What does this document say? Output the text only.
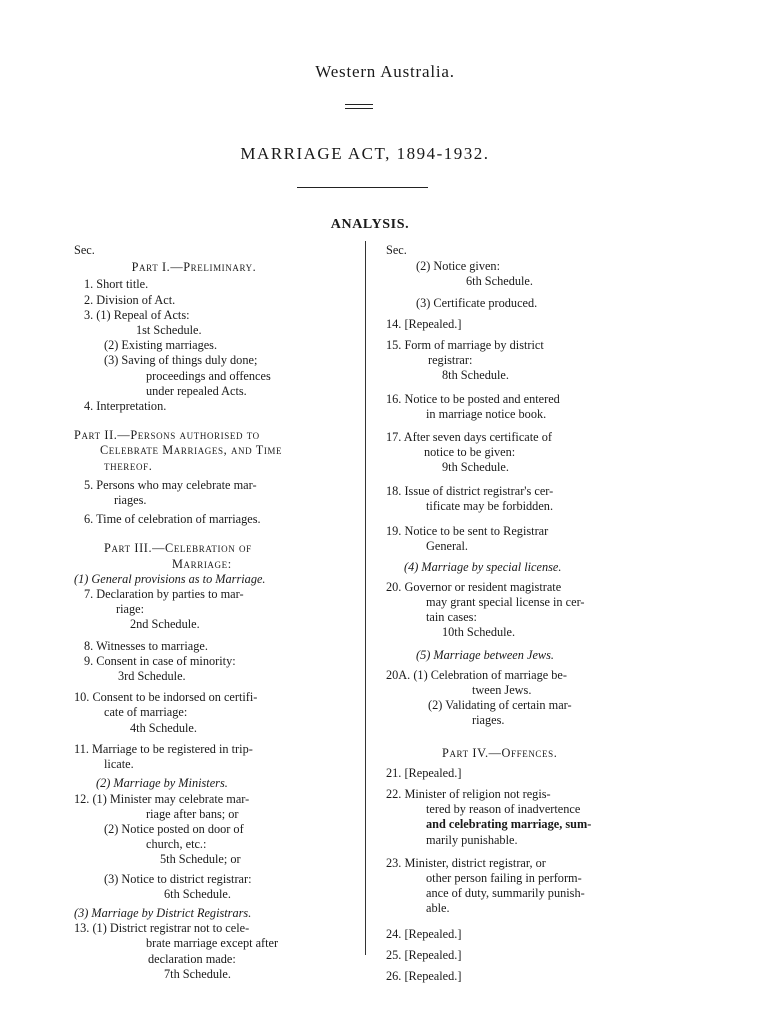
Western Australia.
MARRIAGE ACT, 1894-1932.
ANALYSIS.
Sec.
Part I.—Preliminary.
1. Short title.
2. Division of Act.
3. (1) Repeal of Acts:
1st Schedule.
(2) Existing marriages.
(3) Saving of things duly done;
proceedings and offences
under repealed Acts.
4. Interpretation.
Part II.—Persons authorised to
Celebrate Marriages, and Time
thereof.
5. Persons who may celebrate mar-
riages.
6. Time of celebration of marriages.
Part III.—Celebration of
Marriage:
(1) General provisions as to Marriage.
7. Declaration by parties to mar-
riage:
2nd Schedule.
8. Witnesses to marriage.
9. Consent in case of minority:
3rd Schedule.
10. Consent to be indorsed on certifi-
cate of marriage:
4th Schedule.
11. Marriage to be registered in trip-
licate.
(2) Marriage by Ministers.
12. (1) Minister may celebrate mar-
riage after bans; or
(2) Notice posted on door of
church, etc.:
5th Schedule; or
(3) Notice to district registrar:
6th Schedule.
(3) Marriage by District Registrars.
13. (1) District registrar not to cele-
brate marriage except after
declaration made:
7th Schedule.
Sec.
(2) Notice given:
6th Schedule.
(3) Certificate produced.
14. [Repealed.]
15. Form of marriage by district
registrar:
8th Schedule.
16. Notice to be posted and entered
in marriage notice book.
17. After seven days certificate of
notice to be given:
9th Schedule.
18. Issue of district registrar's cer-
tificate may be forbidden.
19. Notice to be sent to Registrar
General.
(4) Marriage by special license.
20. Governor or resident magistrate
may grant special license in cer-
tain cases:
10th Schedule.
(5) Marriage between Jews.
20A. (1) Celebration of marriage be-
tween Jews.
(2) Validating of certain mar-
riages.
Part IV.—Offences.
21. [Repealed.]
22. Minister of religion not regis-
tered by reason of inadvertence
and celebrating marriage, sum-
marily punishable.
23. Minister, district registrar, or
other person failing in perform-
ance of duty, summarily punish-
able.
24. [Repealed.]
25. [Repealed.]
26. [Repealed.]
